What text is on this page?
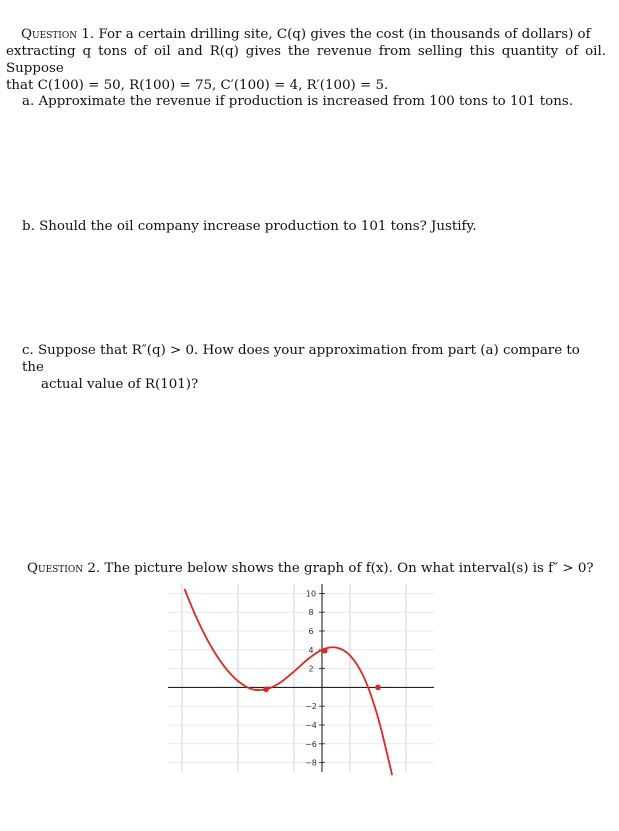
Question 1. For a certain drilling site, C(q) gives the cost (in thousands of dollars) of
extracting q tons of oil and R(q) gives the revenue from selling this quantity of oil. Suppose
that C(100) = 50, R(100) = 75, C′(100) = 4, R′(100) = 5.
a. Approximate the revenue if production is increased from 100 tons to 101 tons.
b. Should the oil company increase production to 101 tons? Justify.
c. Suppose that R″(q) > 0. How does your approximation from part (a) compare to the
actual value of R(101)?
Question 2. The picture below shows the graph of f(x). On what interval(s) is f″ > 0?
10
8
6
4
2
−2
−4
−6
−8
